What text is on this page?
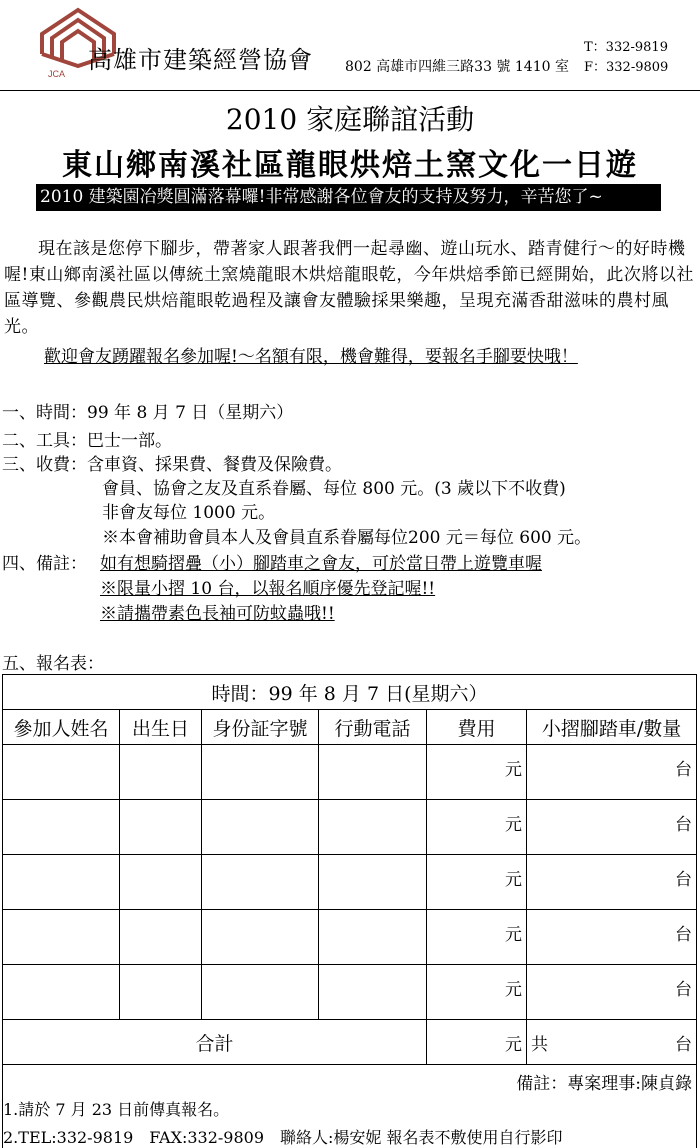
JCA 高雄市建築經營協會 802 高雄市四維三路33 號 1410 室
T：332-9819
F：332-9809
2010 家庭聯誼活動
東山鄉南溪社區龍眼烘焙土窯文化一日遊
2010 建築園冶獎圓滿落幕囉!非常感謝各位會友的支持及努力，辛苦您了~
現在該是您停下腳步，帶著家人跟著我們一起尋幽、遊山玩水、踏青健行～的好時機喔!東山鄉南溪社區以傳統土窯燒龍眼木烘焙龍眼乾，今年烘焙季節已經開始，此次將以社區導覽、參觀農民烘焙龍眼乾過程及讓會友體驗採果樂趣，呈現充滿香甜滋味的農村風光。
歡迎會友踴躍報名參加喔!～名額有限，機會難得，要報名手腳要快哦！
一、時間：99 年 8 月 7 日（星期六）
二、工具：巴士一部。
三、收費：含車資、採果費、餐費及保險費。
會員、協會之友及直系眷屬、每位 800 元。(3 歲以下不收費)
非會友每位 1000 元。
※本會補助會員本人及會員直系眷屬每位200 元＝每位 600 元。
四、備註： 如有想騎摺疊（小）腳踏車之會友，可於當日帶上遊覽車喔
※限量小摺 10 台，以報名順序優先登記喔!!
※請攜帶素色長袖可防蚊蟲哦!!
五、報名表：
時間：99 年 8 月 7 日(星期六）					
參加人姓名	出生日	身份証字號	行動電話	費用	小摺腳踏車/數量
				元	台
				元	台
				元	台
				元	台
				元	台
合計				元	共 台

備註：專案理事:陳貞錄
1.請於 7 月 23 日前傳真報名。
2.TEL:332-9819　FAX:332-9809　聯絡人:楊安妮 報名表不敷使用自行影印					
